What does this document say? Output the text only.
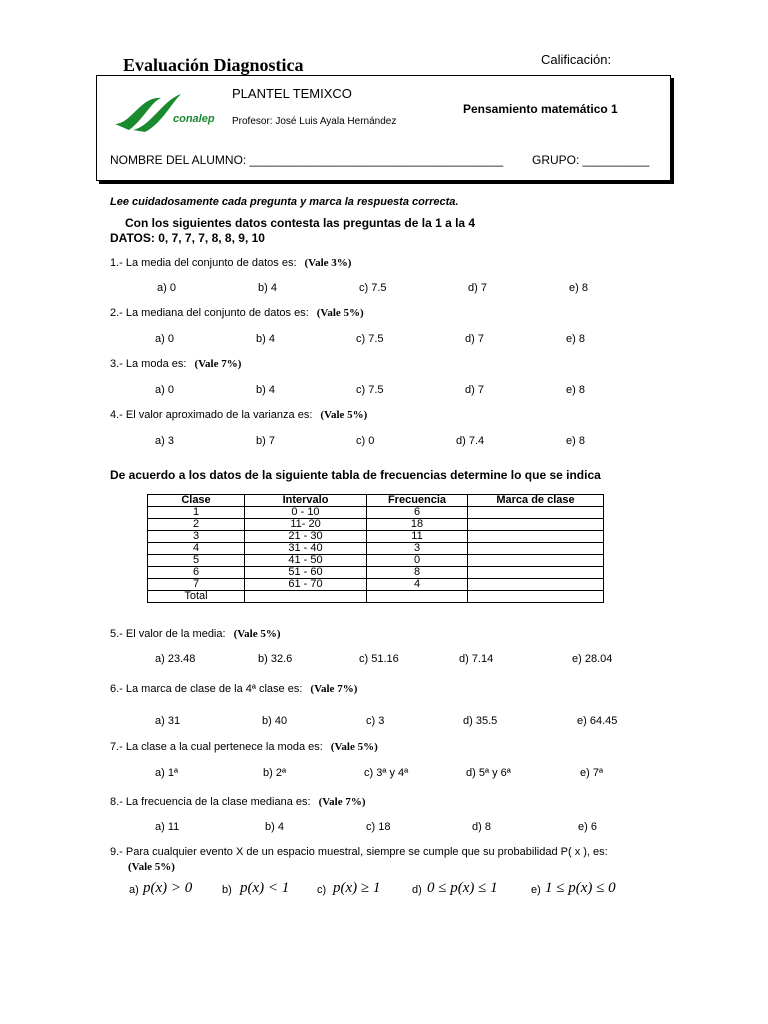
Evaluación Diagnostica	Calificación:
conalep
PLANTEL TEMIXCO
Pensamiento matemático 1
Profesor: José Luis Ayala Hernández
NOMBRE DEL ALUMNO: ______________________________________ GRUPO: __________
Lee cuidadosamente cada pregunta y marca la respuesta correcta.
Con los siguientes datos contesta las preguntas de la 1 a la 4
DATOS: 0, 7, 7, 7, 8, 8, 9, 10
1.- La media del conjunto de datos es: (Vale 3%)
a) 0	b) 4	c) 7.5	d) 7	e) 8
2.- La mediana del conjunto de datos es: (Vale 5%)
a) 0	b) 4	c) 7.5	d) 7	e) 8
3.- La moda es: (Vale 7%)
a) 0	b) 4	c) 7.5	d) 7	e) 8
4.- El valor aproximado de la varianza es: (Vale 5%)
a) 3	b) 7	c) 0	d) 7.4	e) 8
De acuerdo a los datos de la siguiente tabla de frecuencias determine lo que se indica
Clase	Intervalo	Frecuencia	Marca de clase
1	0 - 10	6	
2	11- 20	18	
3	21 - 30	11	
4	31 - 40	3	
5	41 - 50	0	
6	51 - 60	8	
7	61 - 70	4	
Total			
5.- El valor de la media: (Vale 5%)
a) 23.48	b) 32.6	c) 51.16	d) 7.14	e) 28.04
6.- La marca de clase de la 4ª clase es: (Vale 7%)
a) 31	b) 40	c) 3	d) 35.5	e) 64.45
7.- La clase a la cual pertenece la moda es: (Vale 5%)
a) 1ª	b) 2ª	c) 3ª y 4ª	d) 5ª y 6ª	e) 7ª
8.- La frecuencia de la clase mediana es: (Vale 7%)
a) 11	b) 4	c) 18	d) 8	e) 6
9.- Para cualquier evento X de un espacio muestral, siempre se cumple que su probabilidad P( x ), es:
(Vale 5%)
a) p(x) > 0	b) p(x) < 1	c) p(x) ≥ 1	d) 0 ≤ p(x) ≤ 1	e) 1 ≤ p(x) ≤ 0
